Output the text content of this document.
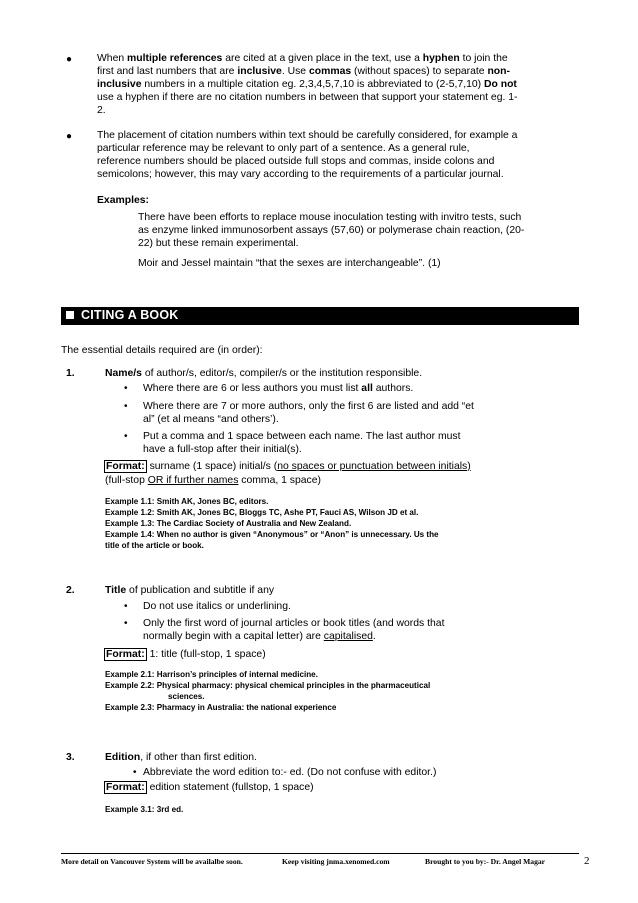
● When multiple references are cited at a given place in the text, use a hyphen to join the
first and last numbers that are inclusive. Use commas (without spaces) to separate non-
inclusive numbers in a multiple citation eg. 2,3,4,5,7,10 is abbreviated to (2-5,7,10) Do not
use a hyphen if there are no citation numbers in between that support your statement eg. 1-
2.
● The placement of citation numbers within text should be carefully considered, for example a
particular reference may be relevant to only part of a sentence. As a general rule,
reference numbers should be placed outside full stops and commas, inside colons and
semicolons; however, this may vary according to the requirements of a particular journal.
Examples:
There have been efforts to replace mouse inoculation testing with invitro tests, such
as enzyme linked immunosorbent assays (57,60) or polymerase chain reaction, (20-
22) but these remain experimental.
Moir and Jessel maintain “that the sexes are interchangeable”. (1)
CITING A BOOK
The essential details required are (in order):
1.	Name/s of author/s, editor/s, compiler/s or the institution responsible.
• Where there are 6 or less authors you must list all authors.
• Where there are 7 or more authors, only the first 6 are listed and add “et
al” (et al means “and others’).
• Put a comma and 1 space between each name. The last author must
have a full-stop after their initial(s).
Format: surname (1 space) initial/s (no spaces or punctuation between initials)
(full-stop OR if further names comma, 1 space)
Example 1.1: Smith AK, Jones BC, editors.
Example 1.2: Smith AK, Jones BC, Bloggs TC, Ashe PT, Fauci AS, Wilson JD et al.
Example 1.3: The Cardiac Society of Australia and New Zealand.
Example 1.4: When no author is given “Anonymous” or “Anon” is unnecessary. Us the
title of the article or book.
2.	Title of publication and subtitle if any
• Do not use italics or underlining.
• Only the first word of journal articles or book titles (and words that
normally begin with a capital letter) are capitalised.
Format: 1: title (full-stop, 1 space)
Example 2.1: Harrison’s principles of internal medicine.
Example 2.2: Physical pharmacy: physical chemical principles in the pharmaceutical
sciences.
Example 2.3: Pharmacy in Australia: the national experience
3.	Edition, if other than first edition.
• Abbreviate the word edition to:- ed. (Do not confuse with editor.)
Format: edition statement (fullstop, 1 space)
Example 3.1: 3rd ed.
More detail on Vancouver System will be availalbe soon.	Keep visiting jnma.xenomed.com	Brought to you by:- Dr. Angel Magar	2
